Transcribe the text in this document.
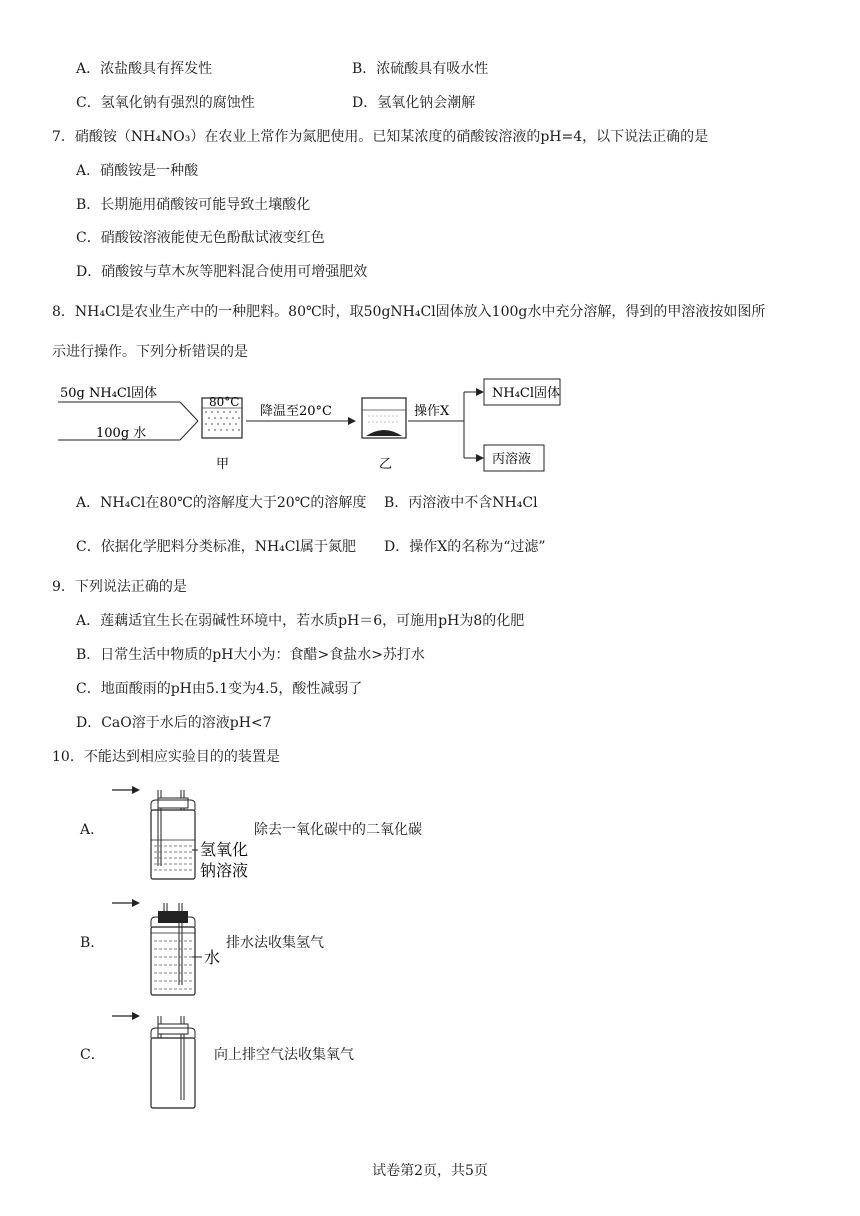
A．浓盐酸具有挥发性	B．浓硫酸具有吸水性
C．氢氧化钠有强烈的腐蚀性	D．氢氧化钠会潮解
7．硝酸铵（NH₄NO₃）在农业上常作为氮肥使用。已知某浓度的硝酸铵溶液的pH=4，以下说法正确的是
A．硝酸铵是一种酸
B．长期施用硝酸铵可能导致土壤酸化
C．硝酸铵溶液能使无色酚酞试液变红色
D．硝酸铵与草木灰等肥料混合使用可增强肥效
8．NH₄Cl是农业生产中的一种肥料。80℃时，取50gNH₄Cl固体放入100g水中充分溶解，得到的甲溶液按如图所
示进行操作。下列分析错误的是
50g NH₄Cl固体
100g 水
80°C
甲
降温至20°C
乙
操作X
NH₄Cl固体
丙溶液
A．NH₄Cl在80℃的溶解度大于20℃的溶解度 B．丙溶液中不含NH₄Cl
C．依据化学肥料分类标准，NH₄Cl属于氮肥 D．操作X的名称为“过滤”
9．下列说法正确的是
A．莲藕适宜生长在弱碱性环境中，若水质pH＝6，可施用pH为8的化肥
B．日常生活中物质的pH大小为：食醋>食盐水>苏打水
C．地面酸雨的pH由5.1变为4.5，酸性减弱了
D．CaO溶于水后的溶液pH<7
10．不能达到相应实验目的的装置是
A．
氢氧化
钠溶液
除去一氧化碳中的二氧化碳
B．
水
排水法收集氢气
C．	向上排空气法收集氧气
试卷第2页，共5页
